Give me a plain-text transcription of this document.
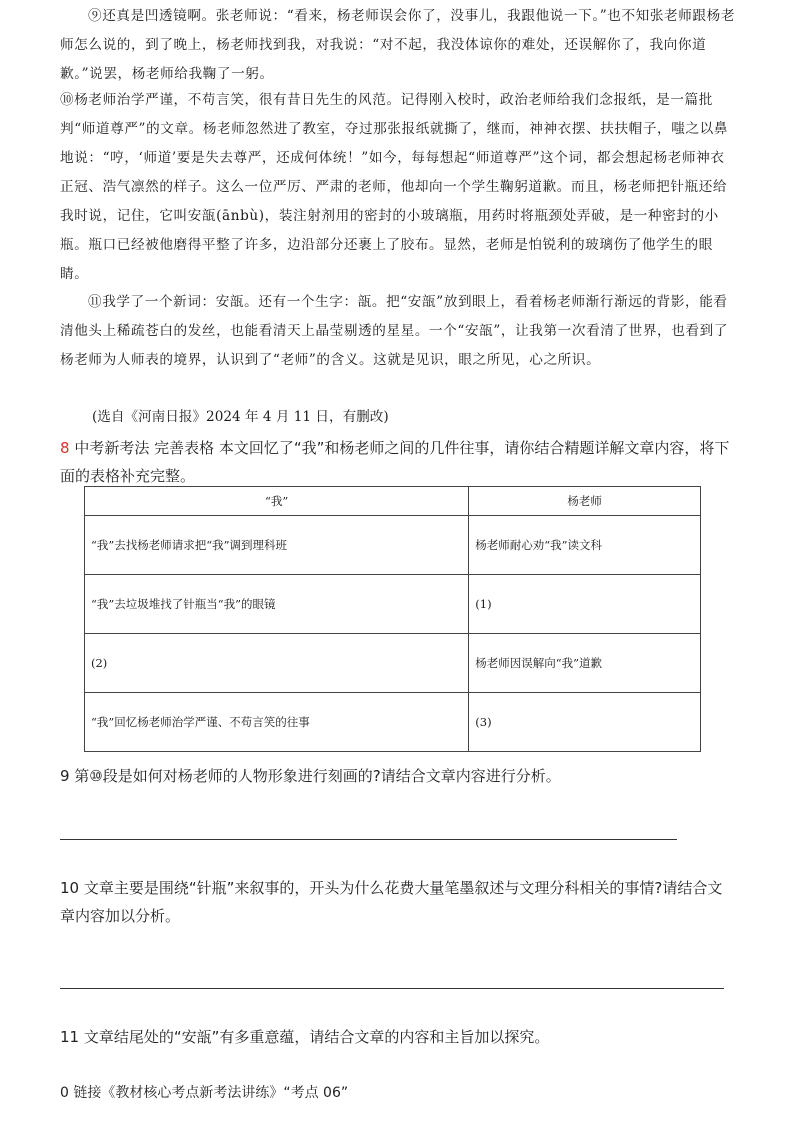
⑨还真是凹透镜啊。张老师说：“看来，杨老师误会你了，没事儿，我跟他说一下。”也不知张老师跟杨老师怎么说的，到了晚上，杨老师找到我，对我说：“对不起，我没体谅你的难处，还误解你了，我向你道歉。”说罢，杨老师给我鞠了一躬。
⑩杨老师治学严谨，不苟言笑，很有昔日先生的风范。记得刚入校时，政治老师给我们念报纸，是一篇批判“师道尊严”的文章。杨老师忽然进了教室，夺过那张报纸就撕了，继而，神神衣摆、扶扶帽子，嗤之以鼻地说：“哼，‘师道’要是失去尊严，还成何体统！”如今，每每想起“师道尊严”这个词，都会想起杨老师神衣正冠、浩气凛然的样子。这么一位严厉、严肃的老师，他却向一个学生鞠躬道歉。而且，杨老师把针瓶还给我时说，记住，它叫安瓿(ānbù)，装注射剂用的密封的小玻璃瓶，用药时将瓶颈处弄破，是一种密封的小瓶。瓶口已经被他磨得平整了许多，边沿部分还裹上了胶布。显然，老师是怕锐利的玻璃伤了他学生的眼睛。
⑪我学了一个新词：安瓿。还有一个生字：瓿。把“安瓿”放到眼上，看着杨老师渐行渐远的背影，能看清他头上稀疏苍白的发丝，也能看清天上晶莹剔透的星星。一个“安瓿”，让我第一次看清了世界，也看到了杨老师为人师表的境界，认识到了“老师”的含义。这就是见识，眼之所见，心之所识。
(选自《河南日报》2024 年 4 月 11 日，有删改)
8 中考新考法 完善表格 本文回忆了“我”和杨老师之间的几件往事，请你结合精题详解文章内容，将下面的表格补充完整。
“我”	杨老师
“我”去找杨老师请求把“我”调到理科班	杨老师耐心劝“我”读文科
“我”去垃圾堆找了针瓶当“我”的眼镜	(1)
(2)	杨老师因误解向“我”道歉
“我”回忆杨老师治学严谨、不苟言笑的往事	(3)
9 第⑩段是如何对杨老师的人物形象进行刻画的?请结合文章内容进行分析。
10 文章主要是围绕“针瓶”来叙事的，开头为什么花费大量笔墨叙述与文理分科相关的事情?请结合文章内容加以分析。
11 文章结尾处的“安瓿”有多重意蕴，请结合文章的内容和主旨加以探究。
0 链接《教材核心考点新考法讲练》“考点 06”
